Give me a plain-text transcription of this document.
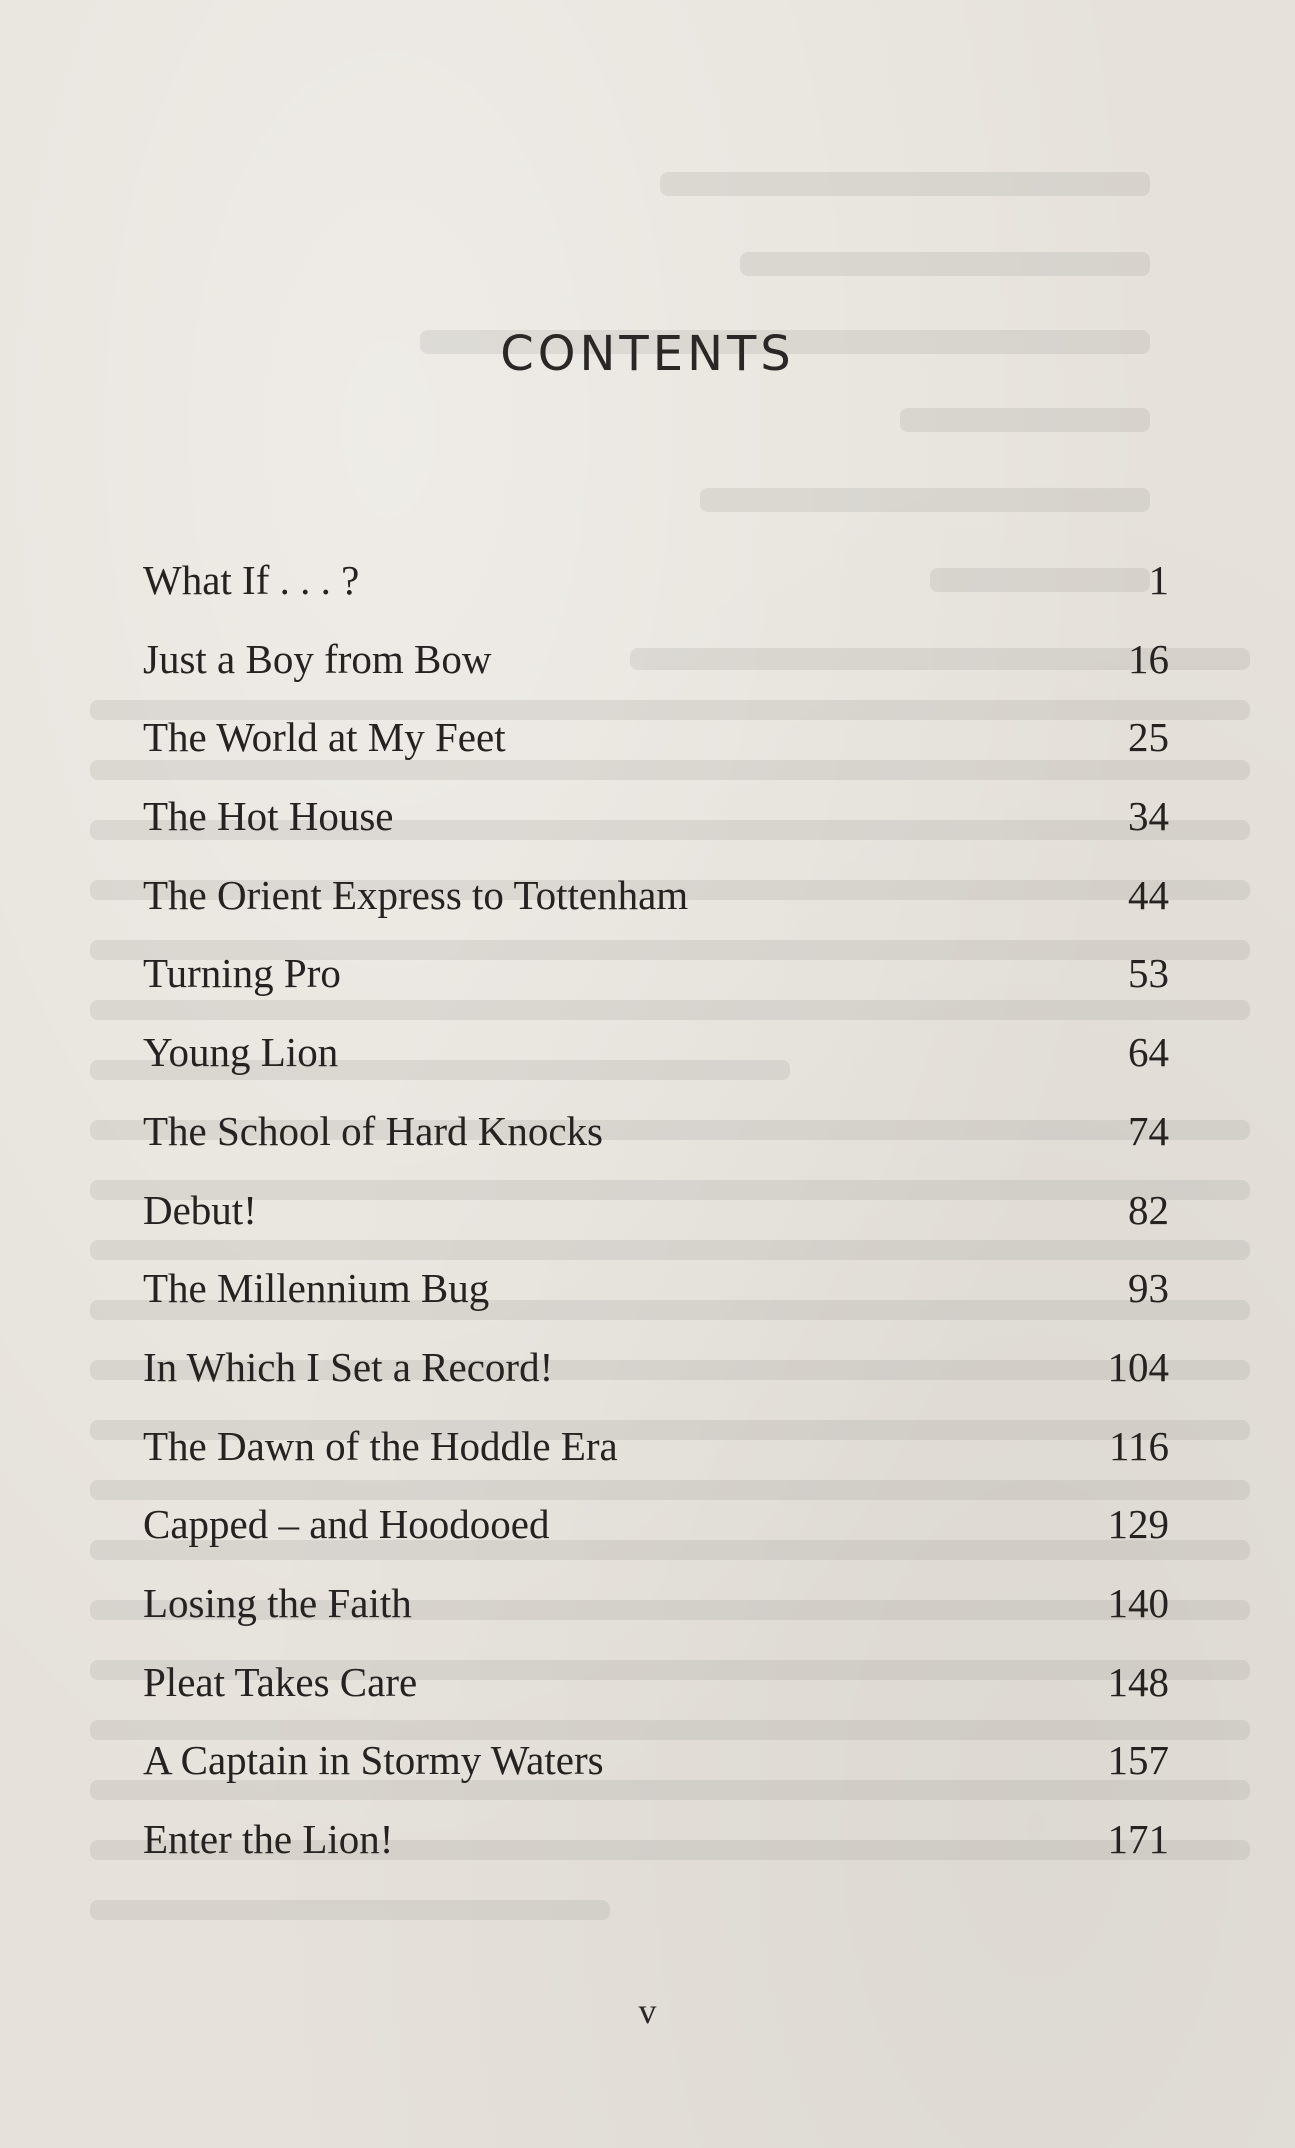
CONTENTS
What If . . . ?	1
Just a Boy from Bow	16
The World at My Feet	25
The Hot House	34
The Orient Express to Tottenham	44
Turning Pro	53
Young Lion	64
The School of Hard Knocks	74
Debut!	82
The Millennium Bug	93
In Which I Set a Record!	104
The Dawn of the Hoddle Era	116
Capped – and Hoodooed	129
Losing the Faith	140
Pleat Takes Care	148
A Captain in Stormy Waters	157
Enter the Lion!	171
v
